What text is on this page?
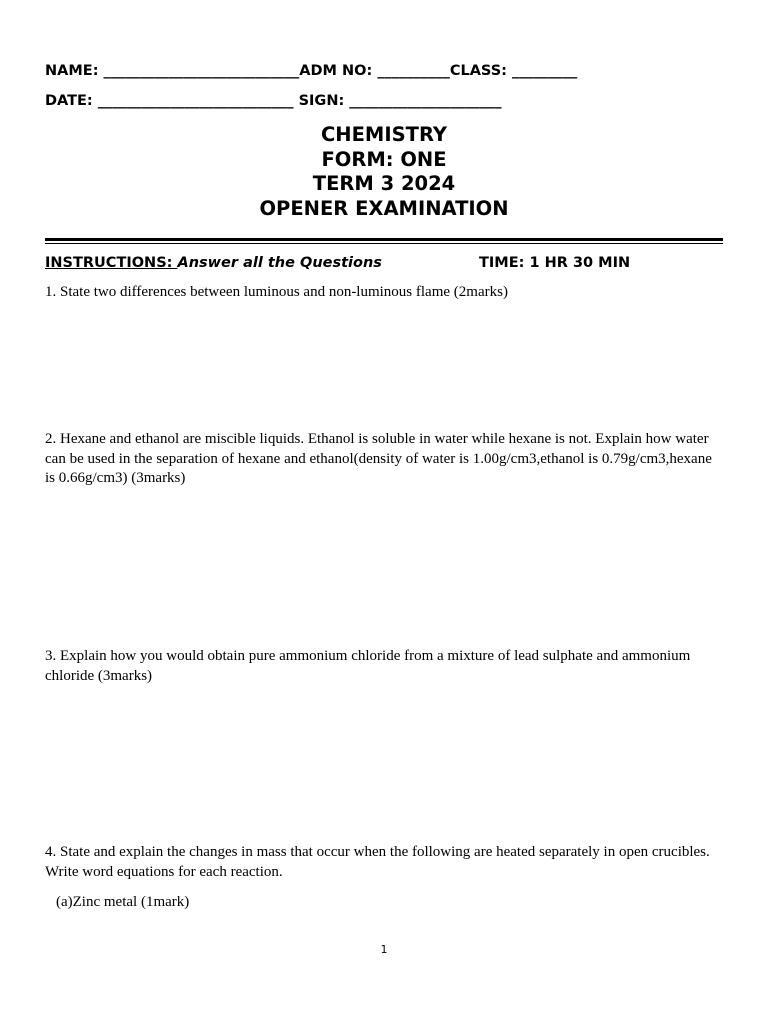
NAME: ___________________________ADM NO: __________CLASS: _________
DATE: ___________________________ SIGN: _____________________
CHEMISTRY
FORM: ONE
TERM 3 2024
OPENER EXAMINATION
INSTRUCTIONS: Answer all the Questions	TIME: 1 HR 30 MIN
1. State two differences between luminous and non-luminous flame (2marks)
2. Hexane and ethanol are miscible liquids. Ethanol is soluble in water while hexane is not. Explain how water can be used in the separation of hexane and ethanol(density of water is 1.00g/cm3,ethanol is 0.79g/cm3,hexane is 0.66g/cm3) (3marks)
3. Explain how you would obtain pure ammonium chloride from a mixture of lead sulphate and ammonium chloride (3marks)
4. State and explain the changes in mass that occur when the following are heated separately in open crucibles. Write word equations for each reaction.
(a)Zinc metal (1mark)
1
